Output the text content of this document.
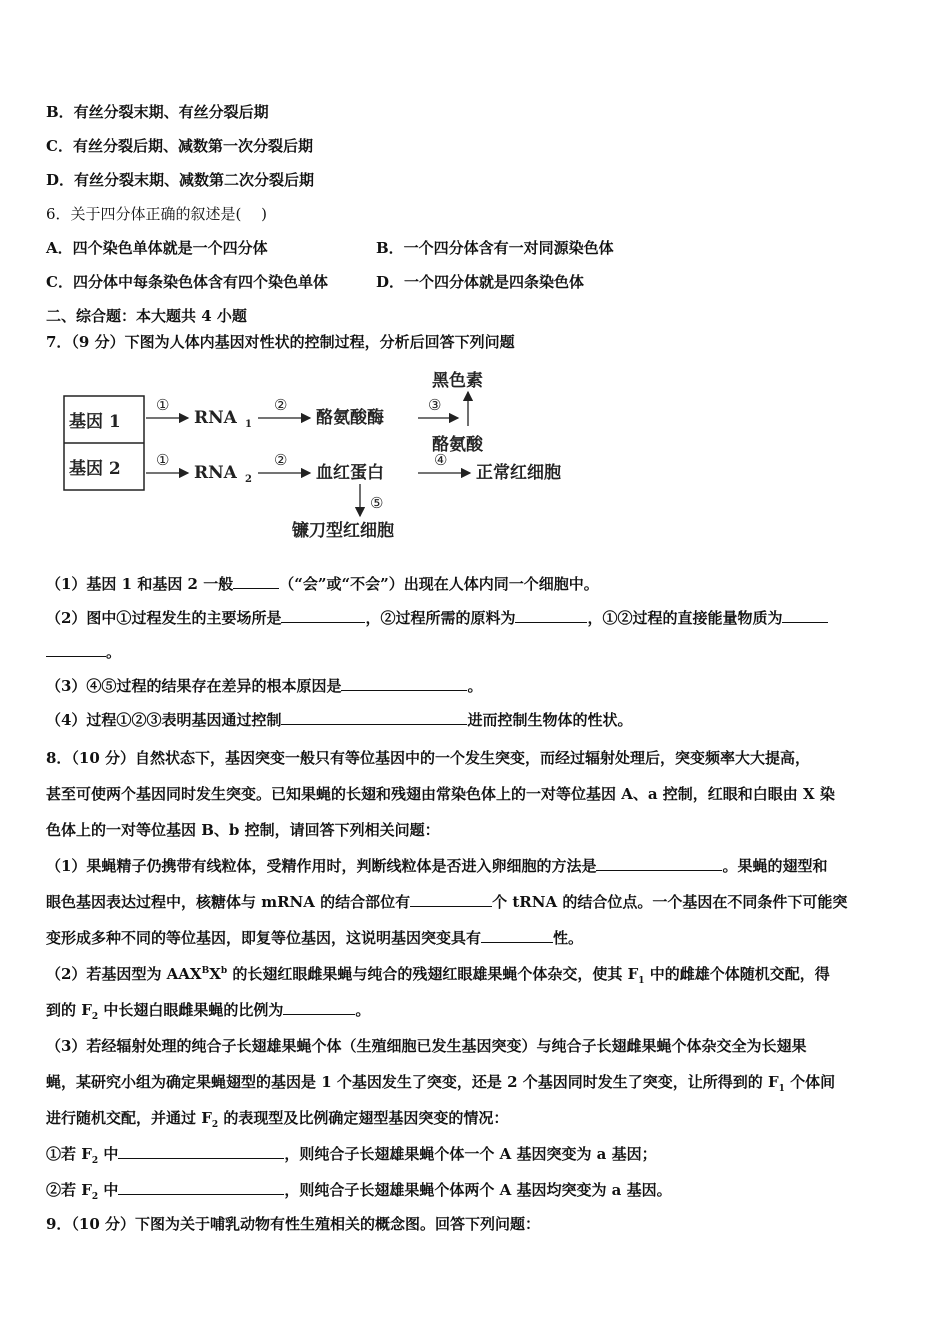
B．有丝分裂末期、有丝分裂后期
C．有丝分裂后期、减数第一次分裂后期
D．有丝分裂末期、减数第二次分裂后期
6．关于四分体正确的叙述是(　 )
A．四个染色单体就是一个四分体	B．一个四分体含有一对同源染色体
C．四分体中每条染色体含有四个染色单体	D．一个四分体就是四条染色体
二、综合题：本大题共 4 小题
7．（9 分）下图为人体内基因对性状的控制过程，分析后回答下列问题
基因 1
基因 2
①
RNA 1
②
酪氨酸酶
③
黑色素
酪氨酸
①
RNA 2
②
血红蛋白
④
正常红细胞
⑤
镰刀型红细胞
（1）基因 1 和基因 2 一般	（“会”或“不会”）出现在人体内同一个细胞中。
（2）图中①过程发生的主要场所是	，②过程所需的原料为	，①②过程的直接能量物质为
。
（3）④⑤过程的结果存在差异的根本原因是	。
（4）过程①②③表明基因通过控制	进而控制生物体的性状。
8．（10 分）自然状态下，基因突变一般只有等位基因中的一个发生突变，而经过辐射处理后，突变频率大大提高，
甚至可使两个基因同时发生突变。已知果蝇的长翅和残翅由常染色体上的一对等位基因 A、a 控制，红眼和白眼由 X 染
色体上的一对等位基因 B、b 控制，请回答下列相关问题：
（1）果蝇精子仍携带有线粒体，受精作用时，判断线粒体是否进入卵细胞的方法是	。果蝇的翅型和
眼色基因表达过程中，核糖体与 mRNA 的结合部位有	个 tRNA 的结合位点。一个基因在不同条件下可能突
变形成多种不同的等位基因，即复等位基因，这说明基因突变具有	性。
（2）若基因型为 $AAX^BX^b$ 的长翅红眼雌果蝇与纯合的残翅红眼雄果蝇个体杂交，使其 $F_1$ 中的雌雄个体随机交配，得
到的 $F_2$ 中长翅白眼雌果蝇的比例为	。
（3）若经辐射处理的纯合子长翅雄果蝇个体（生殖细胞已发生基因突变）与纯合子长翅雌果蝇个体杂交全为长翅果
蝇，某研究小组为确定果蝇翅型的基因是 1 个基因发生了突变，还是 2 个基因同时发生了突变，让所得到的 $F_1$ 个体间
进行随机交配，并通过 $F_2$ 的表现型及比例确定翅型基因突变的情况：
①若 $F_2$ 中	，则纯合子长翅雄果蝇个体一个 A 基因突变为 a 基因；
②若 $F_2$ 中	，则纯合子长翅雄果蝇个体两个 A 基因均突变为 a 基因。
9．（10 分）下图为关于哺乳动物有性生殖相关的概念图。回答下列问题：
